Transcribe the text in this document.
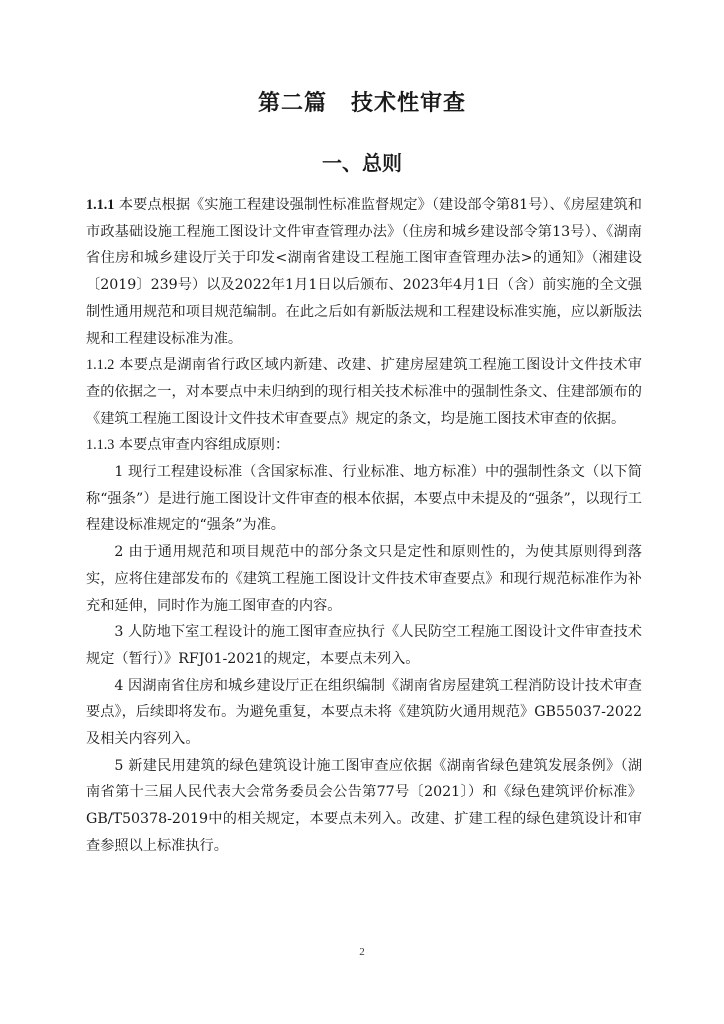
第二篇 技术性审查
一、总则

1.1.1 本要点根据《实施工程建设强制性标准监督规定》（建设部令第81号）、《房屋建筑和市政基础设施工程施工图设计文件审查管理办法》（住房和城乡建设部令第13号）、《湖南省住房和城乡建设厅关于印发<湖南省建设工程施工图审查管理办法>的通知》（湘建设〔2019〕239号）以及2022年1月1日以后颁布、2023年4月1日（含）前实施的全文强制性通用规范和项目规范编制。在此之后如有新版法规和工程建设标准实施，应以新版法规和工程建设标准为准。

1.1.2 本要点是湖南省行政区域内新建、改建、扩建房屋建筑工程施工图设计文件技术审查的依据之一，对本要点中未归纳到的现行相关技术标准中的强制性条文、住建部颁布的《建筑工程施工图设计文件技术审查要点》规定的条文，均是施工图技术审查的依据。

1.1.3 本要点审查内容组成原则：

1 现行工程建设标准（含国家标准、行业标准、地方标准）中的强制性条文（以下简称“强条”）是进行施工图设计文件审查的根本依据，本要点中未提及的“强条”，以现行工程建设标准规定的“强条”为准。

2 由于通用规范和项目规范中的部分条文只是定性和原则性的，为使其原则得到落实，应将住建部发布的《建筑工程施工图设计文件技术审查要点》和现行规范标准作为补充和延伸，同时作为施工图审查的内容。

3 人防地下室工程设计的施工图审查应执行《人民防空工程施工图设计文件审查技术规定（暂行）》RFJ01-2021的规定，本要点未列入。

4 因湖南省住房和城乡建设厅正在组织编制《湖南省房屋建筑工程消防设计技术审查要点》，后续即将发布。为避免重复，本要点未将《建筑防火通用规范》GB55037-2022及相关内容列入。

5 新建民用建筑的绿色建筑设计施工图审查应依据《湖南省绿色建筑发展条例》（湖南省第十三届人民代表大会常务委员会公告第77号〔2021〕）和《绿色建筑评价标准》GB/T50378-2019中的相关规定，本要点未列入。改建、扩建工程的绿色建筑设计和审查参照以上标准执行。

2
